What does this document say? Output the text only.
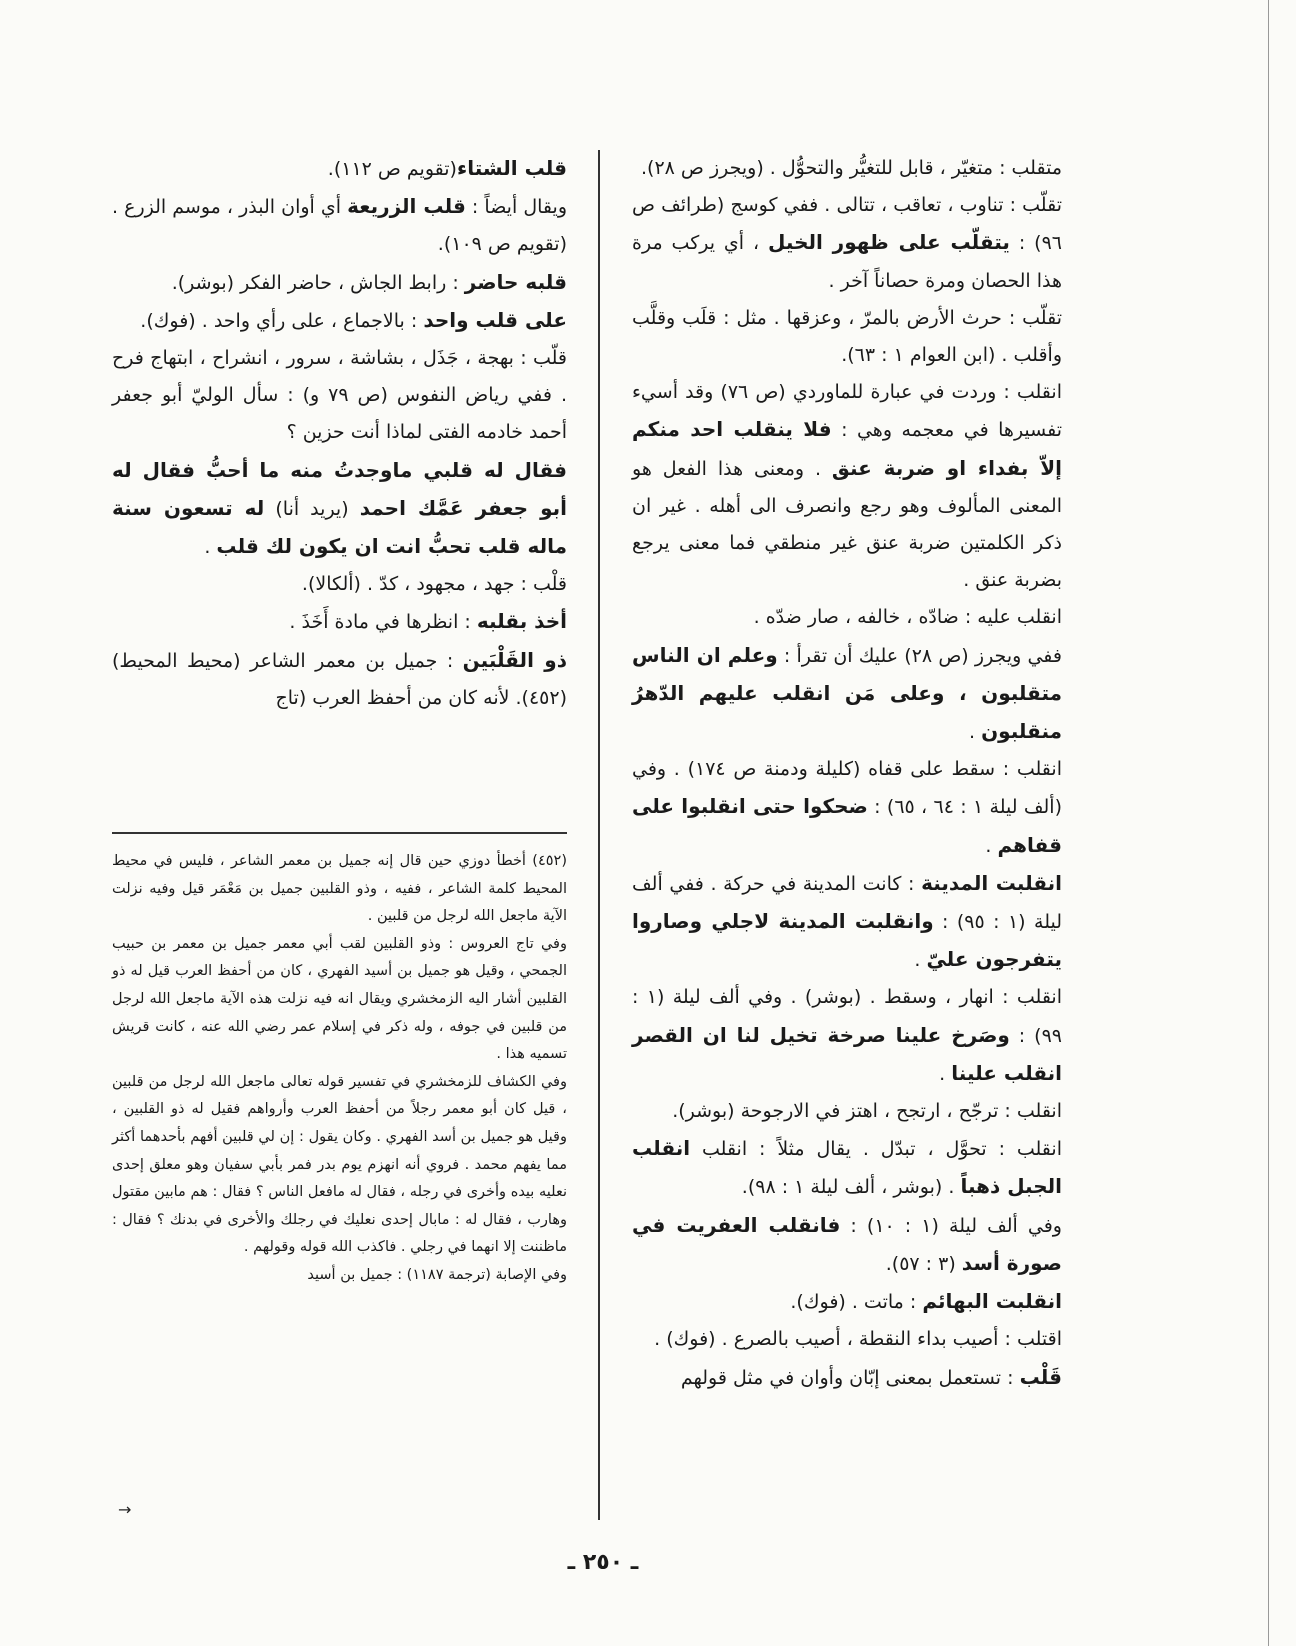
متقلب : متغيّر ، قابل للتغيُّر والتحوُّل . (ويجرز ص ٢٨).

تقلّب : تناوب ، تعاقب ، تتالى . ففي كوسج (طرائف ص ٩٦) : يتقلّب على ظهور الخيل ، أي يركب مرة هذا الحصان ومرة حصاناً آخر .

تقلّب : حرث الأرض بالمرّ ، وعزقها . مثل : قلَب وقلَّب وأقلب . (ابن العوام ١ : ٦٣).

انقلب : وردت في عبارة للماوردي (ص ٧٦) وقد أسيء تفسيرها في معجمه وهي : فلا ينقلب احد منكم إلاّ بفداء او ضربة عنق . ومعنى هذا الفعل هو المعنى المألوف وهو رجع وانصرف الى أهله . غير ان ذكر الكلمتين ضربة عنق غير منطقي فما معنى يرجع بضربة عنق .

انقلب عليه : ضادّه ، خالفه ، صار ضدّه .

ففي ويجرز (ص ٢٨) عليك أن تقرأ : وعلم ان الناس متقلبون ، وعلى مَن انقلب عليهم الدّهرُ منقلبون .

انقلب : سقط على قفاه (كليلة ودمنة ص ١٧٤) . وفي (ألف ليلة ١ : ٦٤ ، ٦٥) : ضحكوا حتى انقلبوا على قفاهم .

انقلبت المدينة : كانت المدينة في حركة . ففي ألف ليلة (١ : ٩٥) : وانقلبت المدينة لاجلي وصاروا يتفرجون عليّ .

انقلب : انهار ، وسقط . (بوشر) . وفي ألف ليلة (١ : ٩٩) : وصَرخ علينا صرخة تخيل لنا ان القصر انقلب علينا .

انقلب : ترجّح ، ارتجح ، اهتز في الارجوحة (بوشر).

انقلب : تحوَّل ، تبدّل . يقال مثلاً : انقلب انقلب الجبل ذهباً . (بوشر ، ألف ليلة ١ : ٩٨).

وفي ألف ليلة (١ : ١٠) : فانقلب العفريت في صورة أسد (٣ : ٥٧).

انقلبت البهائم : ماتت . (فوك).

اقتلب : أصيب بداء النقطة ، أصيب بالصرع . (فوك) .

قَلْب : تستعمل بمعنى إبّان وأوان في مثل قولهم

قلب الشتاء(تقويم ص ١١٢).

ويقال أيضاً : قلب الزريعة أي أوان البذر ، موسم الزرع . (تقويم ص ١٠٩).

قلبه حاضر : رابط الجاش ، حاضر الفكر (بوشر).

على قلب واحد : بالاجماع ، على رأي واحد . (فوك).

قلّب : بهجة ، جَذَل ، بشاشة ، سرور ، انشراح ، ابتهاج فرح . ففي رياض النفوس (ص ٧٩ و) : سأل الوليّ أبو جعفر أحمد خادمه الفتى لماذا أنت حزين ؟

فقال له قلبي ماوجدتُ منه ما أحبُّ فقال له أبو جعفر عَمَّك احمد (يريد أنا) له تسعون سنة ماله قلب تحبُّ انت ان يكون لك قلب .

قلْب : جهد ، مجهود ، كدّ . (ألكالا).

أخذ بقلبه : انظرها في مادة أَخَذَ .

ذو القَلْبَين : جميل بن معمر الشاعر (محيط المحيط)(٤٥٢). لأنه كان من أحفظ العرب (تاج

(٤٥٢) أخطأ دوزي حين قال إنه جميل بن معمر الشاعر ، فليس في محيط المحيط كلمة الشاعر ، ففيه ، وذو القلبين جميل بن مَعْمَر قيل وفيه نزلت الآية ماجعل الله لرجل من قلبين .

وفي تاج العروس : وذو القلبين لقب أبي معمر جميل بن معمر بن حبيب الجمحي ، وقيل هو جميل بن أسيد الفهري ، كان من أحفظ العرب قيل له ذو القلبين أشار اليه الزمخشري ويقال انه فيه نزلت هذه الآية ماجعل الله لرجل من قلبين في جوفه ، وله ذكر في إسلام عمر رضي الله عنه ، كانت قريش تسميه هذا .

وفي الكشاف للزمخشري في تفسير قوله تعالى ماجعل الله لرجل من قلبين ، قيل كان أبو معمر رجلاً من أحفظ العرب وأرواهم فقيل له ذو القلبين ، وقيل هو جميل بن أسد الفهري . وكان يقول : إن لي قلبين أفهم بأحدهما أكثر مما يفهم محمد . فروي أنه انهزم يوم بدر فمر بأبي سفيان وهو معلق إحدى نعليه بيده وأخرى في رجله ، فقال له مافعل الناس ؟ فقال : هم مابين مقتول وهارب ، فقال له : مابال إحدى نعليك في رجلك والأخرى في بدنك ؟ فقال : ماظننت إلا انهما في رجلي . فاكذب الله قوله وقولهم .

وفي الإصابة (ترجمة ١١٨٧) : جميل بن أسيد

→
ـ ٢٥٠ ـ
